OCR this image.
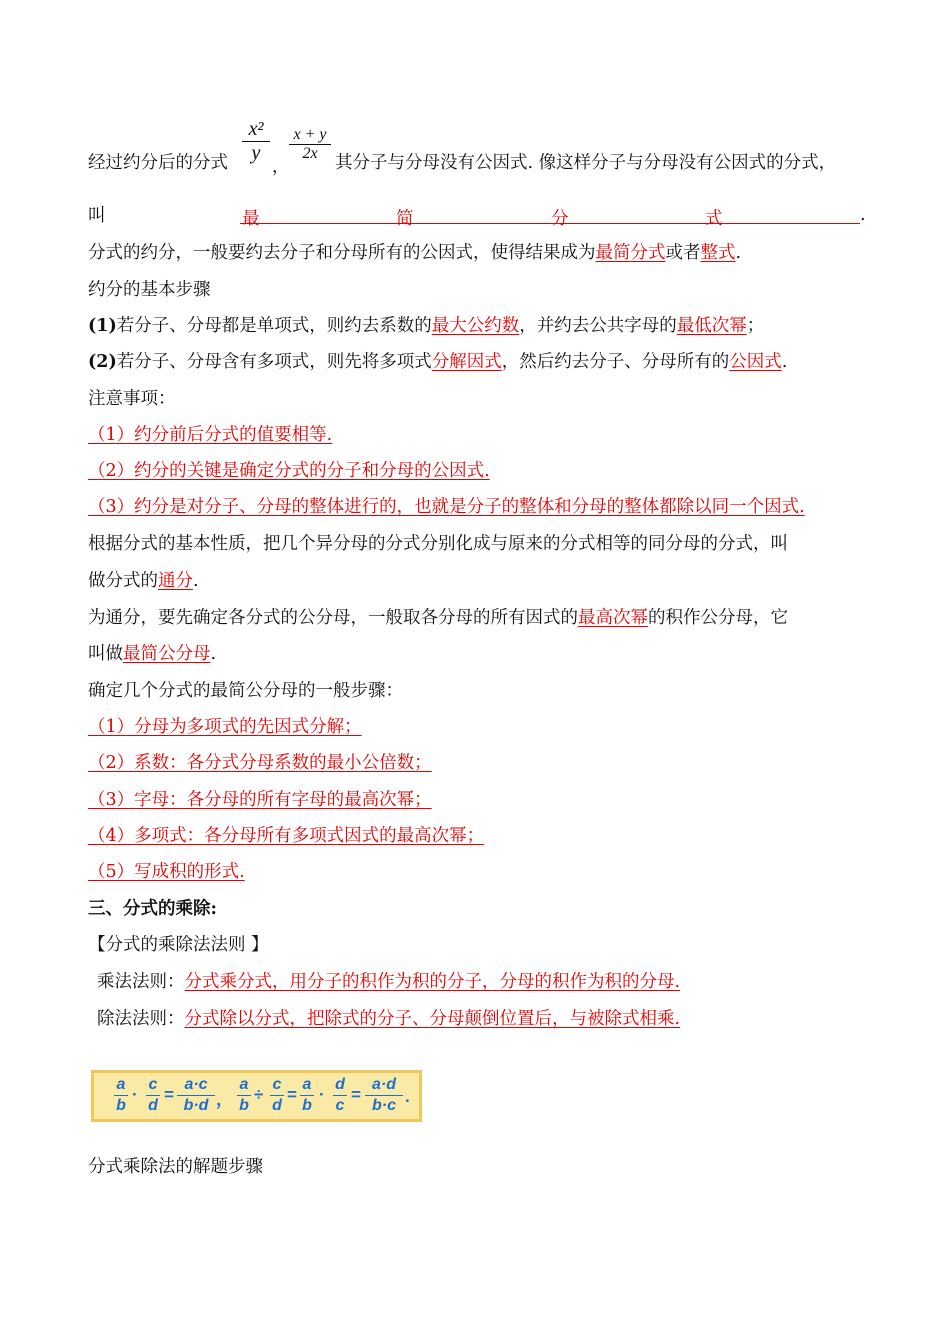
x²
y
，
x + y
2x
经过约分后的分式	其分子与分母没有公因式. 像这样分子与分母没有公因式的分式，
叫	最	简	分	式	.
分式的约分，一般要约去分子和分母所有的公因式，使得结果成为最简分式或者整式.
约分的基本步骤
(1)若分子、分母都是单项式，则约去系数的最大公约数，并约去公共字母的最低次幂；
(2)若分子、分母含有多项式，则先将多项式分解因式，然后约去分子、分母所有的公因式.
注意事项：
（1）约分前后分式的值要相等.
（2）约分的关键是确定分式的分子和分母的公因式.
（3）约分是对分子、分母的整体进行的，也就是分子的整体和分母的整体都除以同一个因式.
根据分式的基本性质，把几个异分母的分式分别化成与原来的分式相等的同分母的分式，叫
做分式的通分.
为通分，要先确定各分式的公分母，一般取各分母的所有因式的最高次幂的积作公分母，它
叫做最简公分母.
确定几个分式的最简公分母的一般步骤：
（1）分母为多项式的先因式分解；
（2）系数：各分式分母系数的最小公倍数；
（3）字母：各分母的所有字母的最高次幂；
（4）多项式：各分母所有多项式因式的最高次幂；
（5）写成积的形式.
三、分式的乘除:
【分式的乘除法法则 】
乘法法则：分式乘分式，用分子的积作为积的分子，分母的积作为积的分母.
除法法则：分式除以分式，把除式的分子、分母颠倒位置后，与被除式相乘.
a
b
·
c
d
=
a·c
b·d ，
a
b
÷
c
d
=
a
b
·
d
c
=
a·d
b·c .
分式乘除法的解题步骤
